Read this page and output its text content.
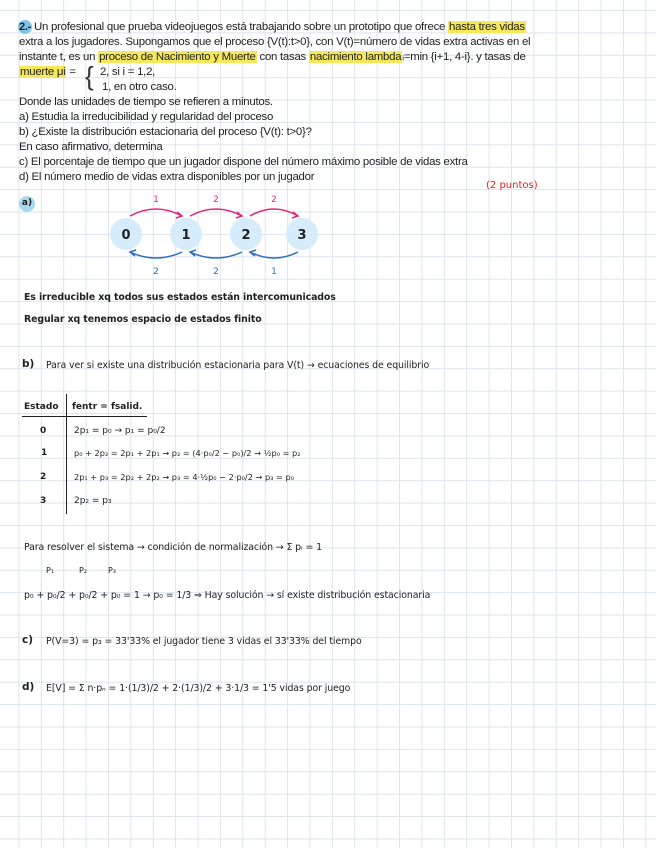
2.- Un profesional que prueba videojuegos está trabajando sobre un prototipo que ofrece hasta tres vidas
extra a los jugadores. Supongamos que el proceso {V(t):t>0}, con V(t)=número de vidas extra activas en el
instante t, es un proceso de Nacimiento y Muerte con tasas nacimiento lambdaᵢ=min {i+1, 4-i}. y tasas de
muerte μi = { 2, si i = 1,2,
1, en otro caso.
Donde las unidades de tiempo se refieren a minutos.
a) Estudia la irreducibilidad y regularidad del proceso
b) ¿Existe la distribución estacionaria del proceso {V(t): t>0}?
En caso afirmativo, determina
c) El porcentaje de tiempo que un jugador dispone del número máximo posible de vidas extra
d) El número medio de vidas extra disponibles por un jugador
(2 puntos)
a)
0	1	2	3
1	2	2
2	2	1
Es irreducible xq todos sus estados están intercomunicados
Regular xq tenemos espacio de estados finito
b) Para ver si existe una distribución estacionaria para V(t) → ecuaciones de equilibrio
Estado fentr = fsalid.
0	2p₁ = p₀ → p₁ = p₀/2
1	p₀ + 2p₂ = 2p₁ + 2p₁ → p₂ = (4·p₀/2 − p₀)/2 → ½p₀ = p₂
2	2p₁ + p₃ = 2p₂ + 2p₂ → p₃ = 4·½p₀ − 2·p₀/2 → p₃ = p₀
3	2p₂ = p₃
Para resolver el sistema → condición de normalización → Σ pᵢ = 1
P₁	P₂	P₃
p₀ + p₀/2 + p₀/2 + p₀ = 1 → p₀ = 1/3 ⇒ Hay solución → sí existe distribución estacionaria
c) P(V=3) = p₃ = 33'33% el jugador tiene 3 vidas el 33'33% del tiempo
d) E[V] = Σ n·pₙ = 1·(1/3)/2 + 2·(1/3)/2 + 3·1/3 = 1'5 vidas por juego
